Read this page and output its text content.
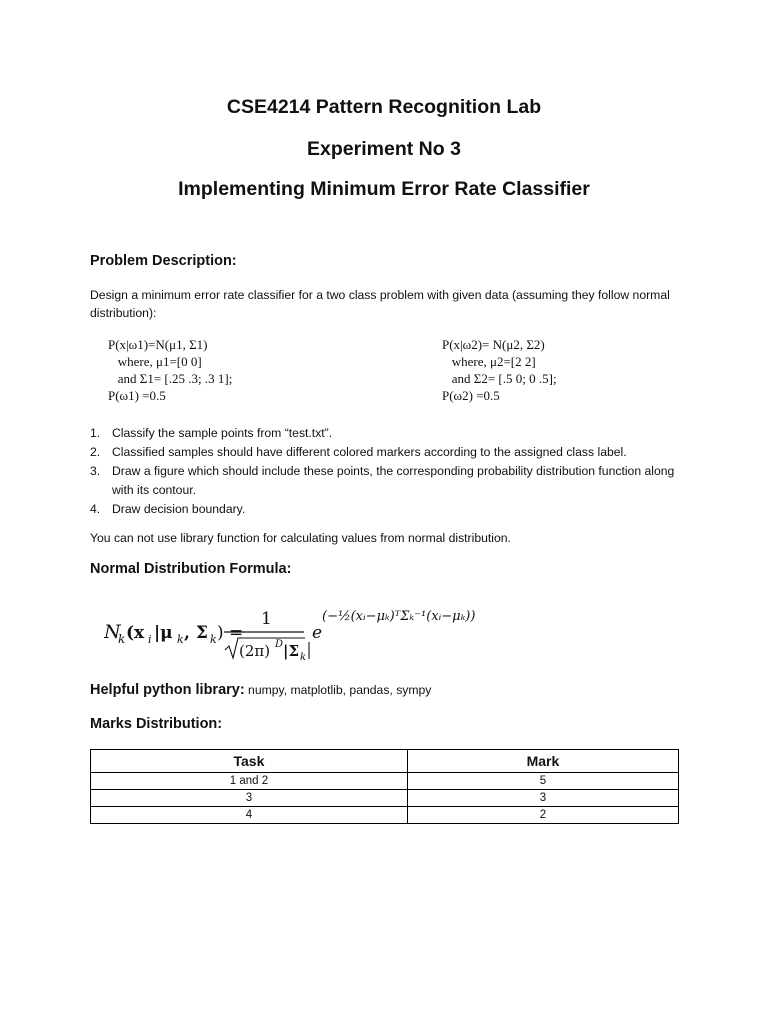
CSE4214 Pattern Recognition Lab
Experiment No 3
Implementing Minimum Error Rate Classifier
Problem Description:
Design a minimum error rate classifier for a two class problem with given data (assuming they follow normal distribution):
P(x|ω1)=N(μ1, Σ1)
where, μ1=[0 0]
and Σ1= [.25 .3; .3 1];
P(ω1) =0.5
P(x|ω2)= N(μ2, Σ2)
where, μ2=[2 2]
and Σ2= [.5 0; 0 .5];
P(ω2) =0.5
1. Classify the sample points from “test.txt”.
2. Classified samples should have different colored markers according to the assigned class label.
3. Draw a figure which should include these points, the corresponding probability distribution function along with its contour.
4. Draw decision boundary.
You can not use library function for calculating values from normal distribution.
Normal Distribution Formula:
N
k (x i |μ k , Σ k ) =
1
(2π) D |Σ k
e
(−½(xᵢ−μₖ)ᵀΣₖ⁻¹(xᵢ−μₖ))
Helpful python library: numpy, matplotlib, pandas, sympy
Marks Distribution:
Task	Mark
1 and 2	5
3	3
4	2
